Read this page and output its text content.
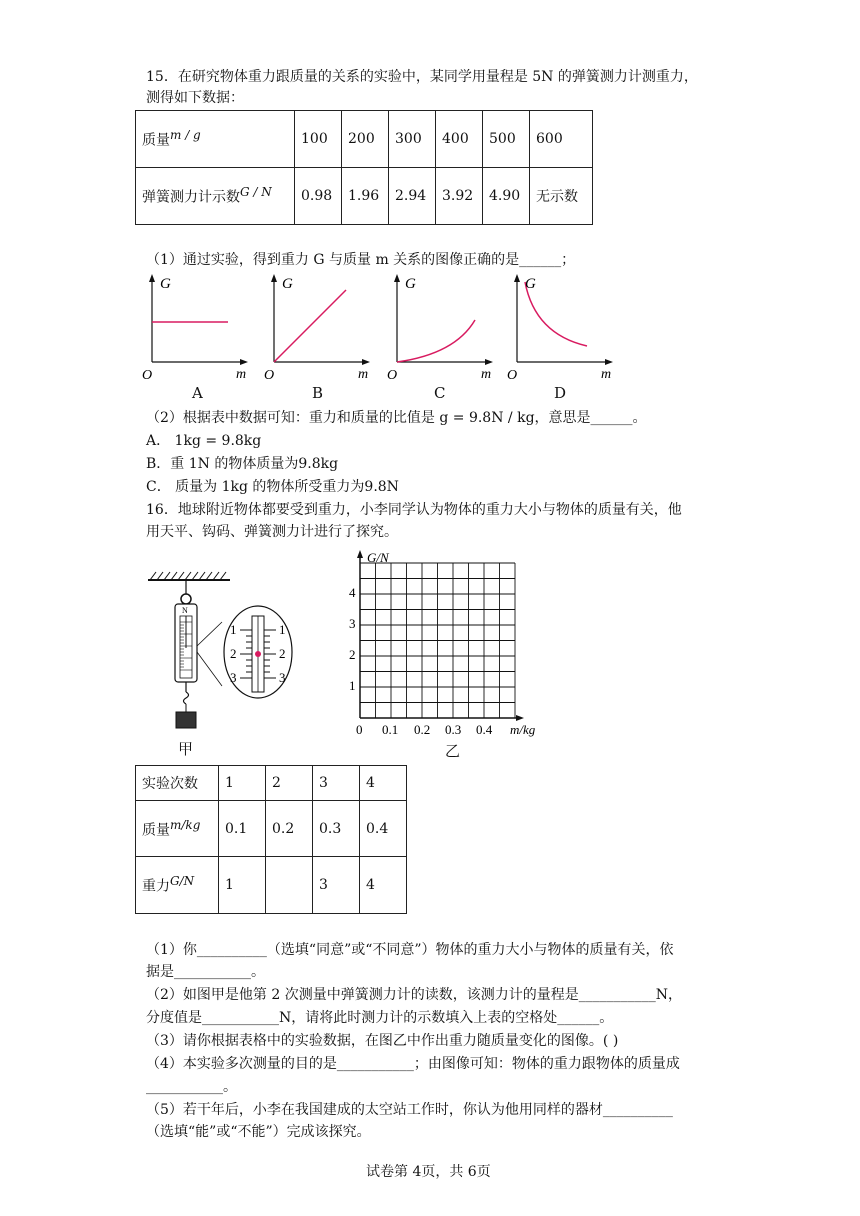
15．在研究物体重力跟质量的关系的实验中，某同学用量程是 5N 的弹簧测力计测重力，
测得如下数据：
质量$^{m / g}$	100	200	300	400	500	600
弹簧测力计示数$^{G / N}$	0.98	1.96	2.94	3.92	4.90	无示数
（1）通过实验，得到重力 G 与质量 m 关系的图像正确的是______；
G
m
O
A
G
m
O
B
G
m
O
C
G
m
O
D
（2）根据表中数据可知：重力和质量的比值是 g = 9.8N / kg，意思是______。
A． 1kg = 9.8kg
B．重 1N 的物体质量为9.8kg
C． 质量为 1kg 的物体所受重力为9.8N
16．地球附近物体都要受到重力，小李同学认为物体的重力大小与物体的质量有关，他
用天平、钩码、弹簧测力计进行了探究。
N
1
2
3
1
2
3
甲
G/N
m/kg
1
2
3
4
0 0.1 0.2 0.3 0.4
乙
实验次数	1	2	3	4
质量$^{m/kg}$	0.1	0.2	0.3	0.4
重力$^{G/N}$	1		3	4
（1）你__________（选填“同意”或“不同意”）物体的重力大小与物体的质量有关，依
据是___________。
（2）如图甲是他第 2 次测量中弹簧测力计的读数，该测力计的量程是___________N，
分度值是___________N，请将此时测力计的示数填入上表的空格处______。
（3）请你根据表格中的实验数据，在图乙中作出重力随质量变化的图像。( )
（4）本实验多次测量的目的是___________；由图像可知：物体的重力跟物体的质量成
___________。
（5）若干年后，小李在我国建成的太空站工作时，你认为他用同样的器材__________
（选填“能”或“不能”）完成该探究。
试卷第 4页，共 6页
